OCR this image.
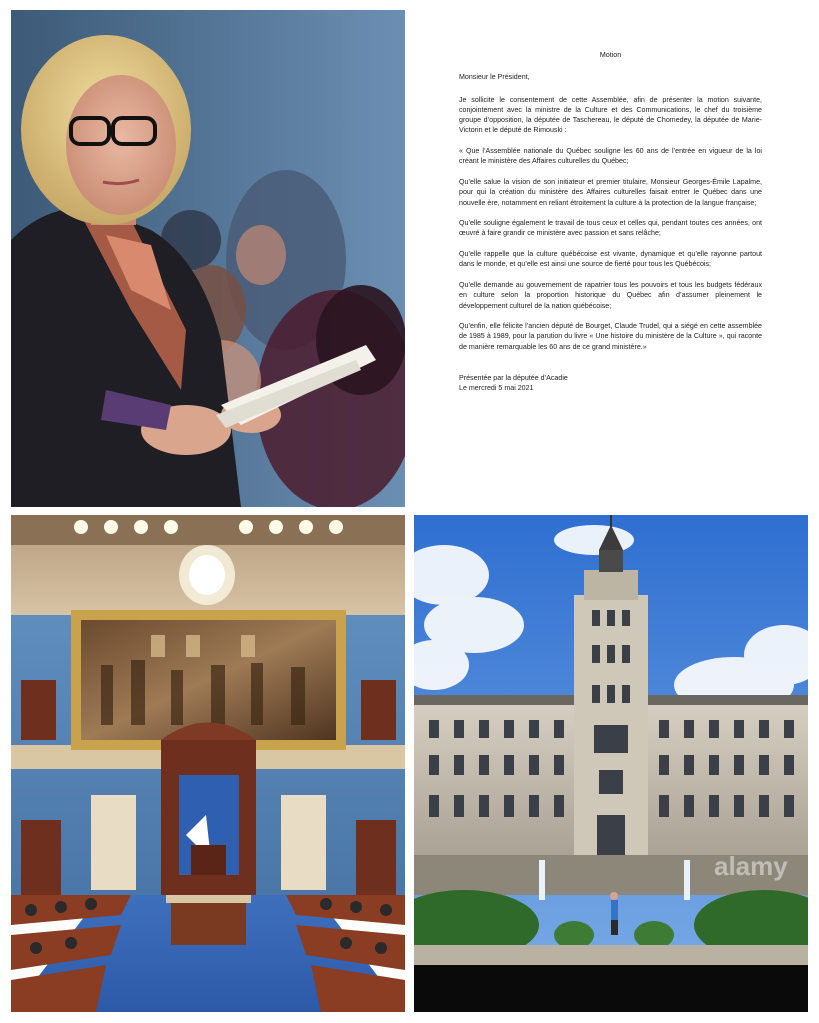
Motion
Monsieur le Président,

Je sollicite le consentement de cette Assemblée, afin de présenter la motion suivante, conjointement avec la ministre de la Culture et des Communications, le chef du troisième groupe d’opposition, la députée de Taschereau, le député de Chomedey, la députée de Marie-Victorin et le député de Rimouski :

« Que l’Assemblée nationale du Québec souligne les 60 ans de l’entrée en vigueur de la loi créant le ministère des Affaires culturelles du Québec;

Qu’elle salue la vision de son initiateur et premier titulaire, Monsieur Georges-Émile Lapalme, pour qui la création du ministère des Affaires culturelles faisait entrer le Québec dans une nouvelle ère, notamment en reliant étroitement la culture à la protection de la langue française;

Qu’elle souligne également le travail de tous ceux et celles qui, pendant toutes ces années, ont œuvré à faire grandir ce ministère avec passion et sans relâche;

Qu’elle rappelle que la culture québécoise est vivante, dynamique et qu’elle rayonne partout dans le monde, et qu’elle est ainsi une source de fierté pour tous les Québécois;

Qu’elle demande au gouvernement de rapatrier tous les pouvoirs et tous les budgets fédéraux en culture selon la proportion historique du Québec afin d’assumer pleinement le développement culturel de la nation québécoise;

Qu’enfin, elle félicite l’ancien député de Bourget, Claude Trudel, qui a siégé en cette assemblée de 1985 à 1989, pour la parution du livre « Une histoire du ministère de la Culture », qui raconte de manière remarquable les 60 ans de ce grand ministère.»

Présentée par la députée d’Acadie
Le mercredi 5 mai 2021
alamy
